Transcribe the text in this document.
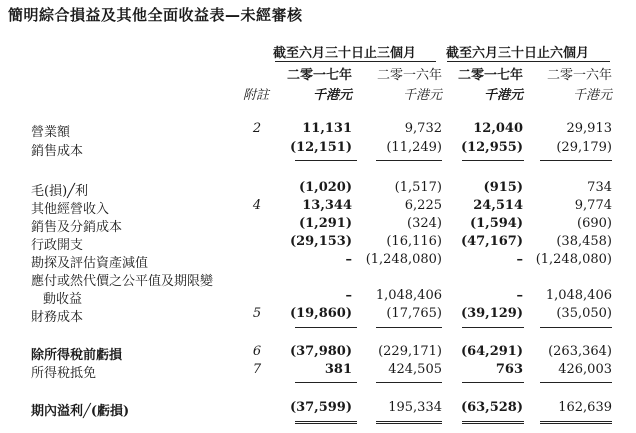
簡明綜合損益及其他全面收益表—未經審核
截至六月三十日止三個月 截至六月三十日止六個月
二零一七年 二零一六年 二零一七年 二零一六年
附註	千港元	千港元	千港元	千港元
營業額	2	11,131	9,732 12,040	29,913
銷售成本	(12,151)	(11,249) (12,955)	(29,179)
毛(損)╱利	(1,020)	(1,517)	(915)	734
其他經營收入	4	13,344	6,225 24,514	9,774
銷售及分銷成本	(1,291)	(324) (1,594)	(690)
行政開支	(29,153)	(16,116) (47,167)	(38,458)
勘探及評估資產減值	– (1,248,080)	– (1,248,080)
應付或然代價之公平值及期限變
動收益	– 1,048,406	– 1,048,406
財務成本	5 (19,860)	(17,765) (39,129)	(35,050)
除所得稅前虧損	6 (37,980) (229,171) (64,291) (263,364)
所得稅抵免	7	381	424,505	763	426,003
期內溢利╱(虧損)	(37,599)	195,334 (63,528)	162,639
